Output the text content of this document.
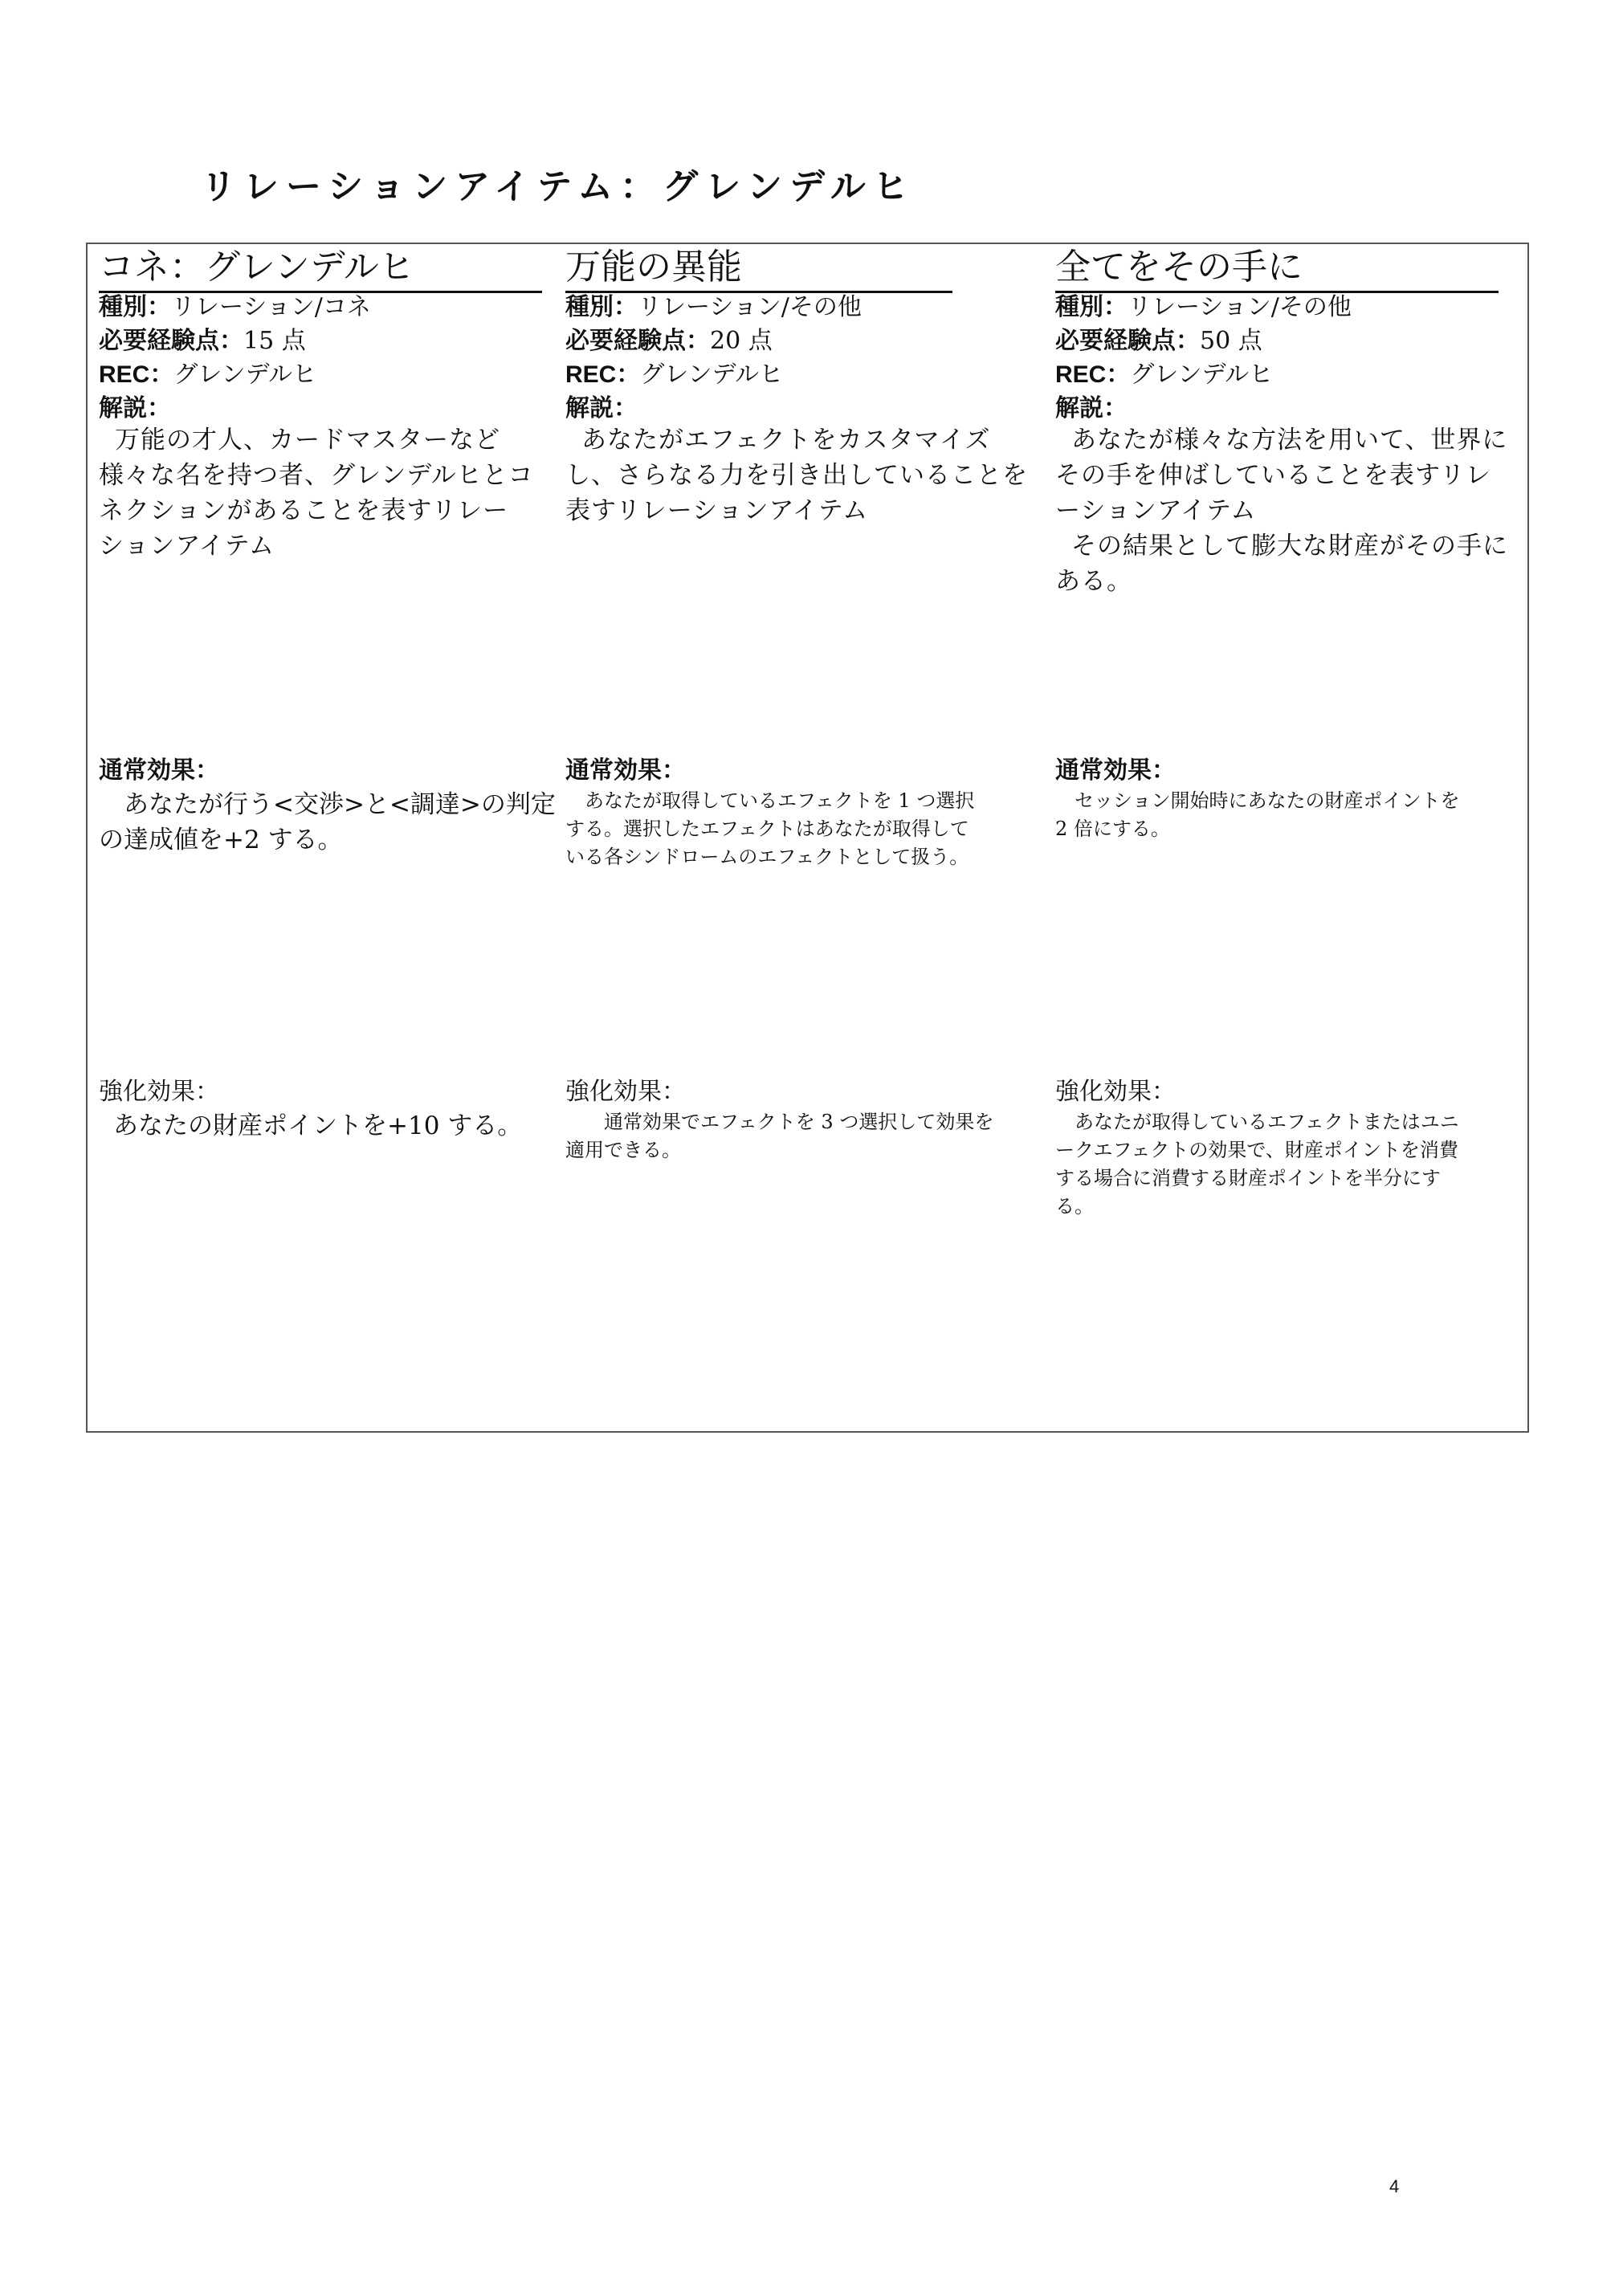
リレーションアイテム：グレンデルヒ
コネ：グレンデルヒ
種別：リレーション/コネ
必要経験点：15 点
REC：グレンデルヒ
解説：
万能の才人、カードマスターなど
様々な名を持つ者、グレンデルヒとコ
ネクションがあることを表すリレー
ションアイテム
通常効果：
　あなたが行う<交渉>と<調達>の判定
の達成値を+2 する。
強化効果：
あなたの財産ポイントを+10 する。
万能の異能
種別：リレーション/その他
必要経験点：20 点
REC：グレンデルヒ
解説：
あなたがエフェクトをカスタマイズ
し、さらなる力を引き出していることを
表すリレーションアイテム
通常効果：
　あなたが取得しているエフェクトを 1 つ選択
する。選択したエフェクトはあなたが取得して
いる各シンドロームのエフェクトとして扱う。
強化効果：
　　通常効果でエフェクトを 3 つ選択して効果を
適用できる。
全てをその手に
種別：リレーション/その他
必要経験点：50 点
REC：グレンデルヒ
解説：
あなたが様々な方法を用いて、世界に
その手を伸ばしていることを表すリレ
ーションアイテム
その結果として膨大な財産がその手に
ある。
通常効果：
　セッション開始時にあなたの財産ポイントを
2 倍にする。
強化効果：
　あなたが取得しているエフェクトまたはユニ
ークエフェクトの効果で、財産ポイントを消費
する場合に消費する財産ポイントを半分にす
る。
4
